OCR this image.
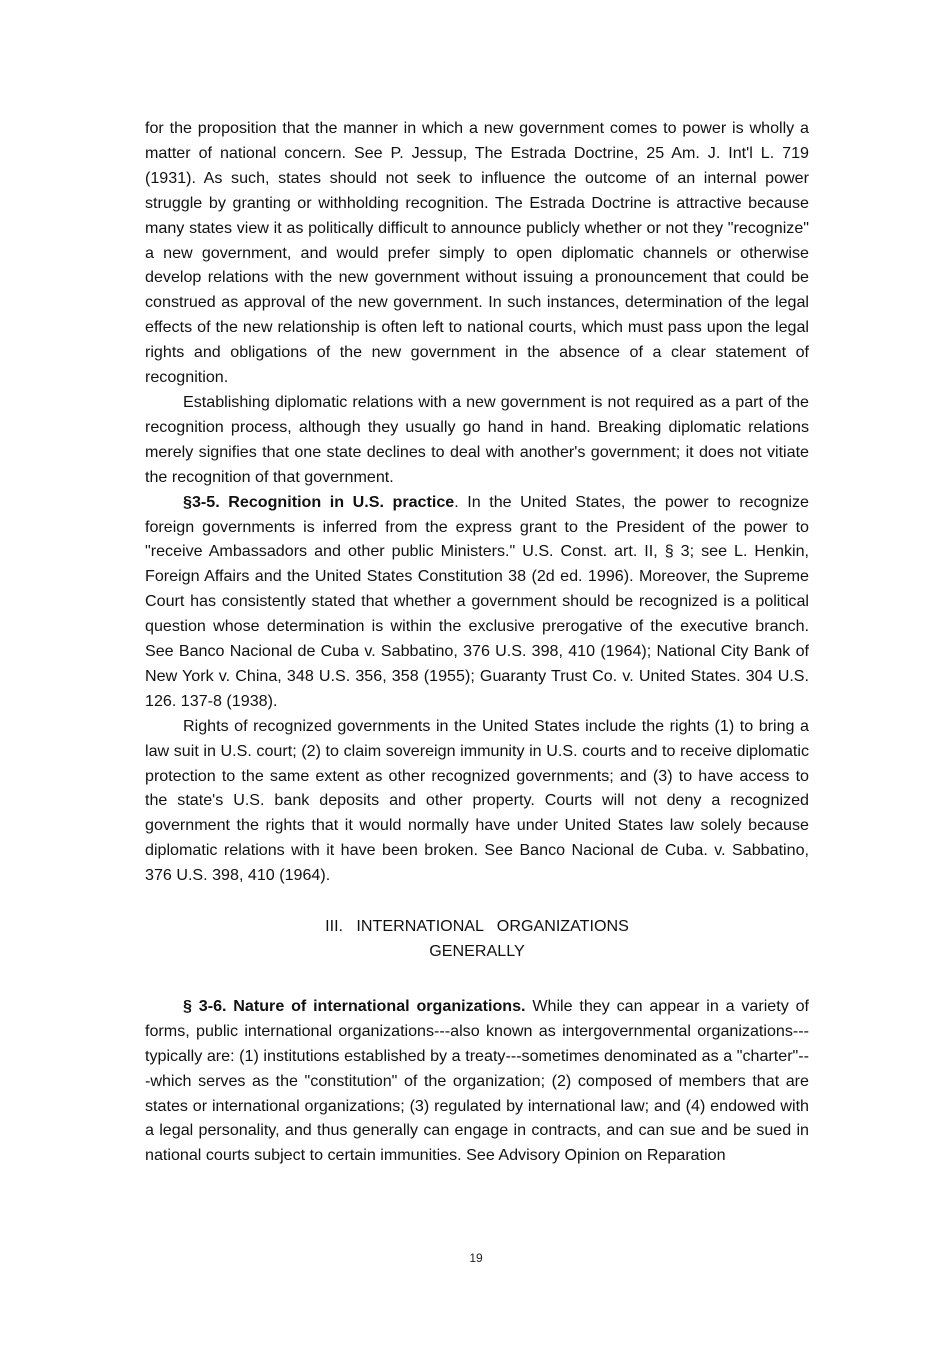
for the proposition that the manner in which a new government comes to power is wholly a matter of national concern. See P. Jessup, The Estrada Doctrine, 25 Am. J. Int'l L. 719 (1931). As such, states should not seek to influence the outcome of an internal power struggle by granting or withholding recognition. The Estrada Doctrine is attractive because many states view it as politically difficult to announce publicly whether or not they "recognize" a new government, and would prefer simply to open diplomatic channels or otherwise develop relations with the new government without issuing a pronouncement that could be construed as approval of the new government. In such instances, determination of the legal effects of the new relationship is often left to national courts, which must pass upon the legal rights and obligations of the new government in the absence of a clear statement of recognition.

Establishing diplomatic relations with a new government is not required as a part of the recognition process, although they usually go hand in hand. Breaking diplomatic relations merely signifies that one state declines to deal with another's government; it does not vitiate the recognition of that government.

§3-5. Recognition in U.S. practice. In the United States, the power to recognize foreign governments is inferred from the express grant to the President of the power to "receive Ambassadors and other public Ministers." U.S. Const. art. II, § 3; see L. Henkin, Foreign Affairs and the United States Constitution 38 (2d ed. 1996). Moreover, the Supreme Court has consistently stated that whether a government should be recognized is a political question whose determination is within the exclusive prerogative of the executive branch. See Banco Nacional de Cuba v. Sabbatino, 376 U.S. 398, 410 (1964); National City Bank of New York v. China, 348 U.S. 356, 358 (1955); Guaranty Trust Co. v. United States. 304 U.S. 126. 137-8 (1938).

Rights of recognized governments in the United States include the rights (1) to bring a law suit in U.S. court; (2) to claim sovereign immunity in U.S. courts and to receive diplomatic protection to the same extent as other recognized governments; and (3) to have access to the state's U.S. bank deposits and other property. Courts will not deny a recognized government the rights that it would normally have under United States law solely because diplomatic relations with it have been broken. See Banco Nacional de Cuba. v. Sabbatino, 376 U.S. 398, 410 (1964).

III.   INTERNATIONAL   ORGANIZATIONS
GENERALLY

§ 3-6. Nature of international organizations. While they can appear in a variety of forms, public international organizations---also known as intergovernmental organizations---typically are: (1) institutions established by a treaty---sometimes denominated as a "charter"---which serves as the "constitution" of the organization; (2) composed of members that are states or international organizations; (3) regulated by international law; and (4) endowed with a legal personality, and thus generally can engage in contracts, and can sue and be sued in national courts subject to certain immunities. See Advisory Opinion on Reparation

19
